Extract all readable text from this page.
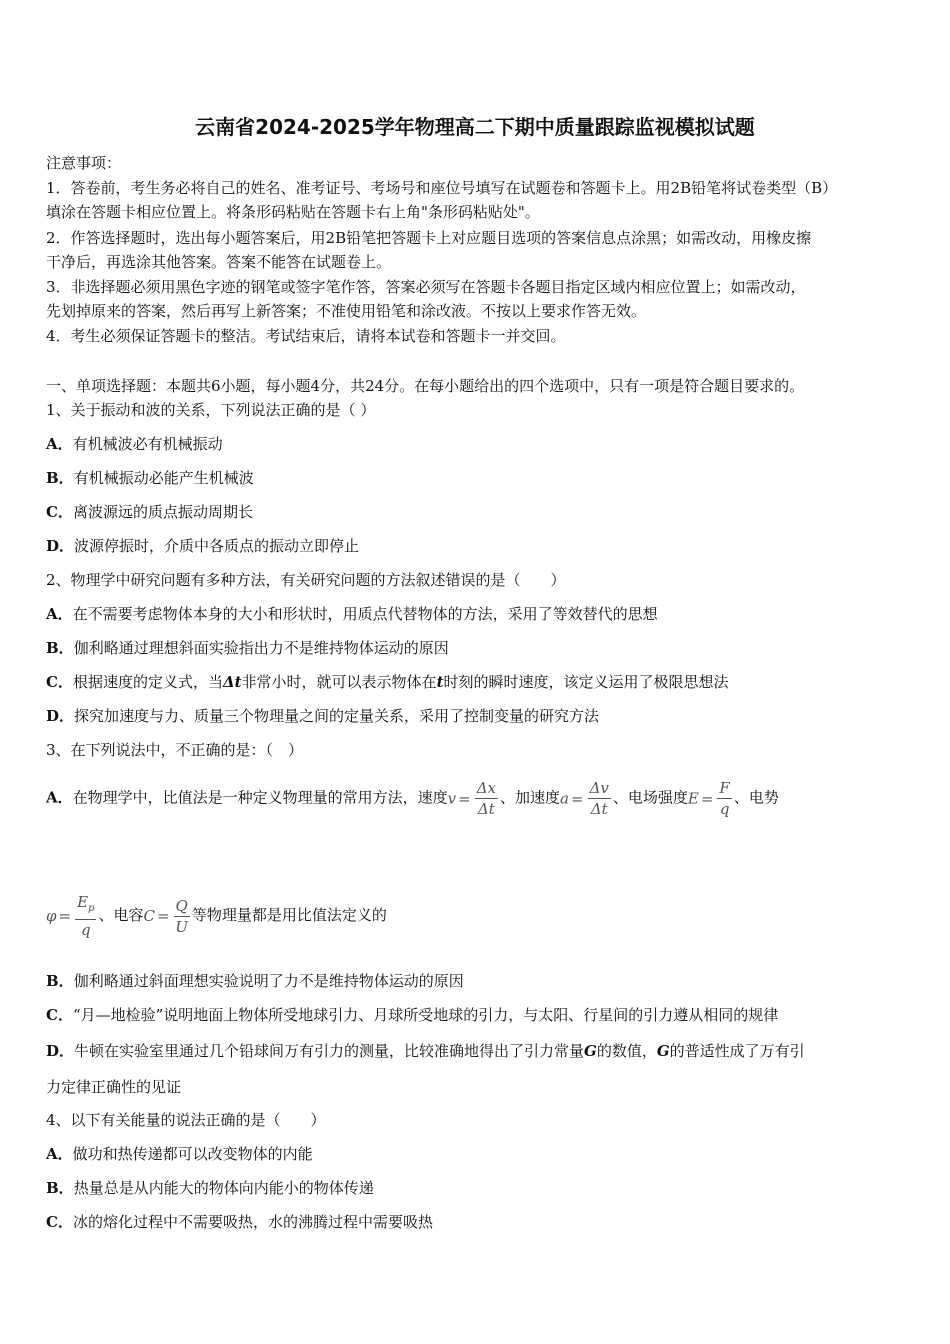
云南省2024-2025学年物理高二下期中质量跟踪监视模拟试题
注意事项：
1．答卷前，考生务必将自己的姓名、准考证号、考场号和座位号填写在试题卷和答题卡上。用2B铅笔将试卷类型（B）
填涂在答题卡相应位置上。将条形码粘贴在答题卡右上角"条形码粘贴处"。
2．作答选择题时，选出每小题答案后，用2B铅笔把答题卡上对应题目选项的答案信息点涂黑；如需改动，用橡皮擦
干净后，再选涂其他答案。答案不能答在试题卷上。
3．非选择题必须用黑色字迹的钢笔或签字笔作答，答案必须写在答题卡各题目指定区域内相应位置上；如需改动，
先划掉原来的答案，然后再写上新答案；不准使用铅笔和涂改液。不按以上要求作答无效。
4．考生必须保证答题卡的整洁。考试结束后，请将本试卷和答题卡一并交回。
一、单项选择题：本题共6小题，每小题4分，共24分。在每小题给出的四个选项中，只有一项是符合题目要求的。
1、关于振动和波的关系，下列说法正确的是（ ）
A．有机械波必有机械振动
B．有机械振动必能产生机械波
C．离波源远的质点振动周期长
D．波源停振时，介质中各质点的振动立即停止
2、物理学中研究问题有多种方法，有关研究问题的方法叙述错误的是（　　）
A．在不需要考虑物体本身的大小和形状时，用质点代替物体的方法，采用了等效替代的思想
B．伽利略通过理想斜面实验指出力不是维持物体运动的原因
C．根据速度的定义式，当Δt非常小时，就可以表示物体在t时刻的瞬时速度，该定义运用了极限思想法
D．探究加速度与力、质量三个物理量之间的定量关系，采用了控制变量的研究方法
3、在下列说法中，不正确的是：（　）
A．在物理学中，比值法是一种定义物理量的常用方法，速度$v = \frac{\Delta x}{\Delta t}$ 、加速度$a = \frac{\Delta v}{\Delta t}$ 、电场强度$E = \frac{F}{q}$ 、电势
$\varphi = \frac{E_p}{q}$ 、电容$C = \frac{Q}{U}$ 等物理量都是用比值法定义的
B．伽利略通过斜面理想实验说明了力不是维持物体运动的原因
C．“月—地检验”说明地面上物体所受地球引力、月球所受地球的引力，与太阳、行星间的引力遵从相同的规律
D．牛顿在实验室里通过几个铅球间万有引力的测量，比较准确地得出了引力常量G的数值，G的普适性成了万有引
力定律正确性的见证
4、以下有关能量的说法正确的是（　　）
A．做功和热传递都可以改变物体的内能
B．热量总是从内能大的物体向内能小的物体传递
C．冰的熔化过程中不需要吸热，水的沸腾过程中需要吸热
